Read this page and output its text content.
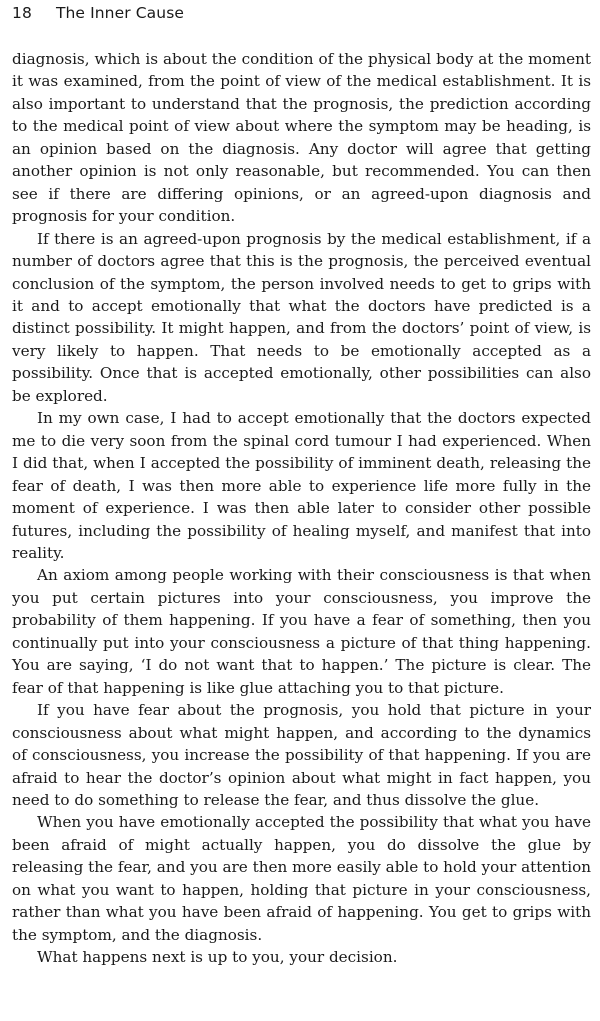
18 The Inner Cause

diagnosis, which is about the condition of the physical body at the moment it was examined, from the point of view of the medical establishment. It is also important to understand that the prognosis, the prediction according to the medical point of view about where the symptom may be heading, is an opinion based on the diagnosis. Any doctor will agree that getting another opinion is not only reasonable, but recommended. You can then see if there are differing opinions, or an agreed-upon diagnosis and prognosis for your condition.

If there is an agreed-upon prognosis by the medical establishment, if a number of doctors agree that this is the prognosis, the perceived eventual conclusion of the symptom, the person involved needs to get to grips with it and to accept emotionally that what the doctors have predicted is a distinct possibility. It might happen, and from the doctors’ point of view, is very likely to happen. That needs to be emotionally accepted as a possibility. Once that is accepted emotionally, other possibilities can also be explored.

In my own case, I had to accept emotionally that the doctors expected me to die very soon from the spinal cord tumour I had experienced. When I did that, when I accepted the possibility of imminent death, releasing the fear of death, I was then more able to experience life more fully in the moment of experience. I was then able later to consider other possible futures, including the possibility of healing myself, and manifest that into reality.

An axiom among people working with their consciousness is that when you put certain pictures into your consciousness, you improve the probability of them happening. If you have a fear of something, then you continually put into your consciousness a picture of that thing happening. You are saying, ‘I do not want that to happen.’ The picture is clear. The fear of that happening is like glue attaching you to that picture.

If you have fear about the prognosis, you hold that picture in your consciousness about what might happen, and according to the dynamics of consciousness, you increase the possibility of that happening. If you are afraid to hear the doctor’s opinion about what might in fact happen, you need to do something to release the fear, and thus dissolve the glue.

When you have emotionally accepted the possibility that what you have been afraid of might actually happen, you do dissolve the glue by releasing the fear, and you are then more easily able to hold your attention on what you want to happen, holding that picture in your consciousness, rather than what you have been afraid of happening. You get to grips with the symptom, and the diagnosis.

What happens next is up to you, your decision.
